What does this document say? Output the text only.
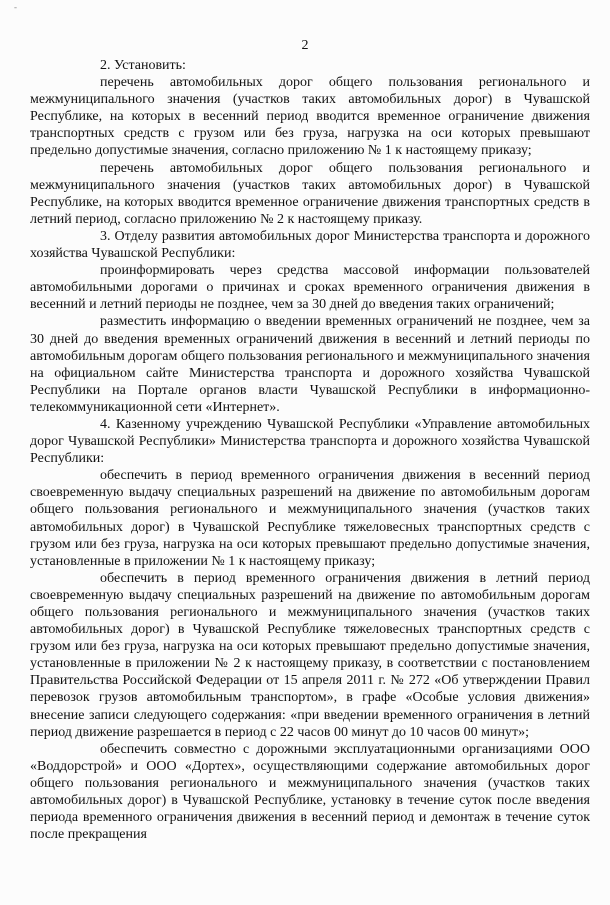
-
2

2. Установить:

перечень автомобильных дорог общего пользования регионального и межмуниципального значения (участков таких автомобильных дорог) в Чувашской Республике, на которых в весенний период вводится временное ограничение движения транспортных средств с грузом или без груза, нагрузка на оси которых превышают предельно допустимые значения, согласно приложению № 1 к настоящему приказу;

перечень автомобильных дорог общего пользования регионального и межмуниципального значения (участков таких автомобильных дорог) в Чувашской Республике, на которых вводится временное ограничение движения транспортных средств в летний период, согласно приложению № 2 к настоящему приказу.

3. Отделу развития автомобильных дорог Министерства транспорта и дорожного хозяйства Чувашской Республики:

проинформировать через средства массовой информации пользователей автомобильными дорогами о причинах и сроках временного ограничения движения в весенний и летний периоды не позднее, чем за 30 дней до введения таких ограничений;

разместить информацию о введении временных ограничений не позднее, чем за 30 дней до введения временных ограничений движения в весенний и летний периоды по автомобильным дорогам общего пользования регионального и межмуниципального значения на официальном сайте Министерства транспорта и дорожного хозяйства Чувашской Республики на Портале органов власти Чувашской Республики в информационно-телекоммуникационной сети «Интернет».

4. Казенному учреждению Чувашской Республики «Управление автомобильных дорог Чувашской Республики» Министерства транспорта и дорожного хозяйства Чувашской Республики:

обеспечить в период временного ограничения движения в весенний период своевременную выдачу специальных разрешений на движение по автомобильным дорогам общего пользования регионального и межмуниципального значения (участков таких автомобильных дорог) в Чувашской Республике тяжеловесных транспортных средств с грузом или без груза, нагрузка на оси которых превышают предельно допустимые значения, установленные в приложении № 1 к настоящему приказу;

обеспечить в период временного ограничения движения в летний период своевременную выдачу специальных разрешений на движение по автомобильным дорогам общего пользования регионального и межмуниципального значения (участков таких автомобильных дорог) в Чувашской Республике тяжеловесных транспортных средств с грузом или без груза, нагрузка на оси которых превышают предельно допустимые значения, установленные в приложении № 2 к настоящему приказу, в соответствии с постановлением Правительства Российской Федерации от 15 апреля 2011 г. № 272 «Об утверждении Правил перевозок грузов автомобильным транспортом», в графе «Особые условия движения» внесение записи следующего содержания: «при введении временного ограничения в летний период движение разрешается в период с 22 часов 00 минут до 10 часов 00 минут»;

обеспечить совместно с дорожными эксплуатационными организациями ООО «Воддорстрой» и ООО «Дортех», осуществляющими содержание автомобильных дорог общего пользования регионального и межмуниципального значения (участков таких автомобильных дорог) в Чувашской Республике, установку в течение суток после введения периода временного ограничения движения в весенний период и демонтаж в течение суток после прекращения
